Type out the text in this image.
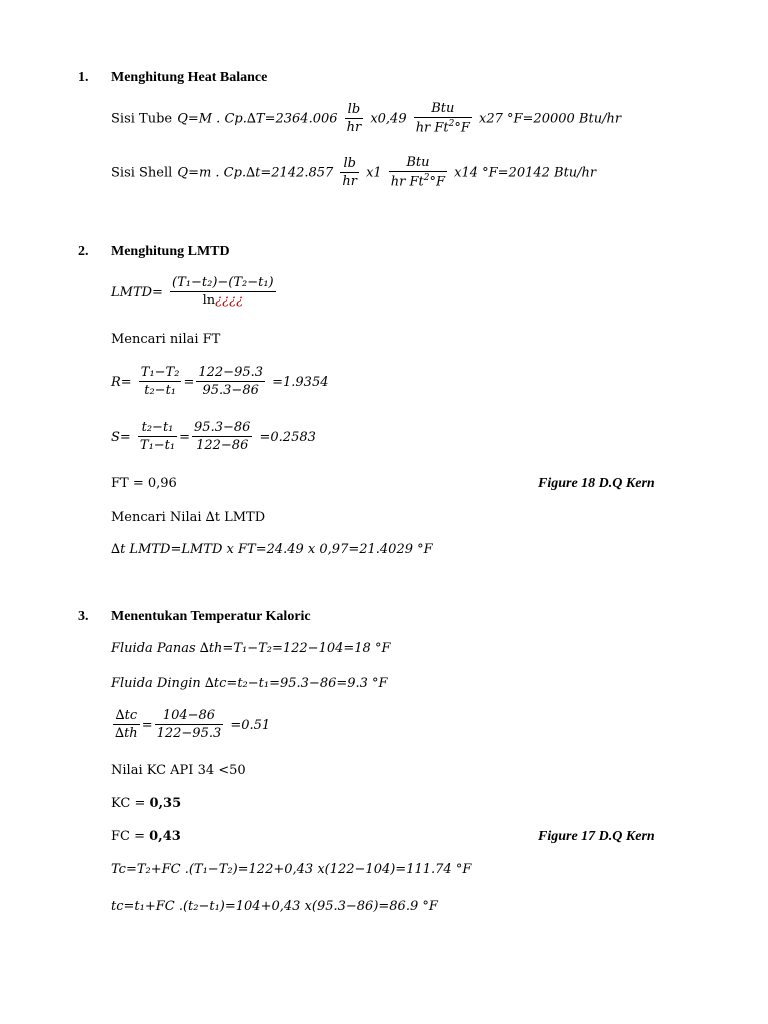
1. Menghitung Heat Balance
Sisi Tube Q=M . $Cp.\Delta T=2364.006 \frac{lb}{hr} x0,49 \frac{\text{Btu}}{hr Ft^2^\circ F} x27$ °F=20000 Btu/hr
Sisi Shell Q=m . $Cp.\Delta t=2142.857 \frac{lb}{hr} x1 \frac{\text{Btu}}{hr Ft^2^\circ F} x14$ °F=20142 Btu/hr
2. Menghitung LMTD
LMTD= $\frac{\text{(T₁−t₂)−(T₂−t₁)}}{\ln¿¿¿¿}$
Mencari nilai FT
$R= \frac{\text{T₁−T₂}}{\text{t₂−t₁}} = \frac{122-95.3}{95.3-86} =1.9354$
$S= \frac{\text{t₂−t₁}}{\text{T₁−t₁}} = \frac{95.3-86}{122-86} =0.2583$
FT = 0,96	Figure 18 D.Q Kern
Mencari Nilai ∆t LMTD
∆t LMTD=LMTD x FT=24.49 x 0,97=21.4029 °F
3. Menentukan Temperatur Kaloric
Fluida Panas ∆th=T₁−T₂=122−104=18 °F
Fluida Dingin ∆tc=t₂−t₁=95.3−86=9.3 °F
$\frac{\Delta tc}{\Delta th} = \frac{104-86}{122-95.3} =0.51$
Nilai KC API 34 <50
KC = 0,35
FC = 0,43	Figure 17 D.Q Kern
Tc=T₂+FC .(T₁−T₂)=122+0,43 x(122−104)=111.74 °F
tc=t₁+FC .(t₂−t₁)=104+0,43 x(95.3−86)=86.9 °F
